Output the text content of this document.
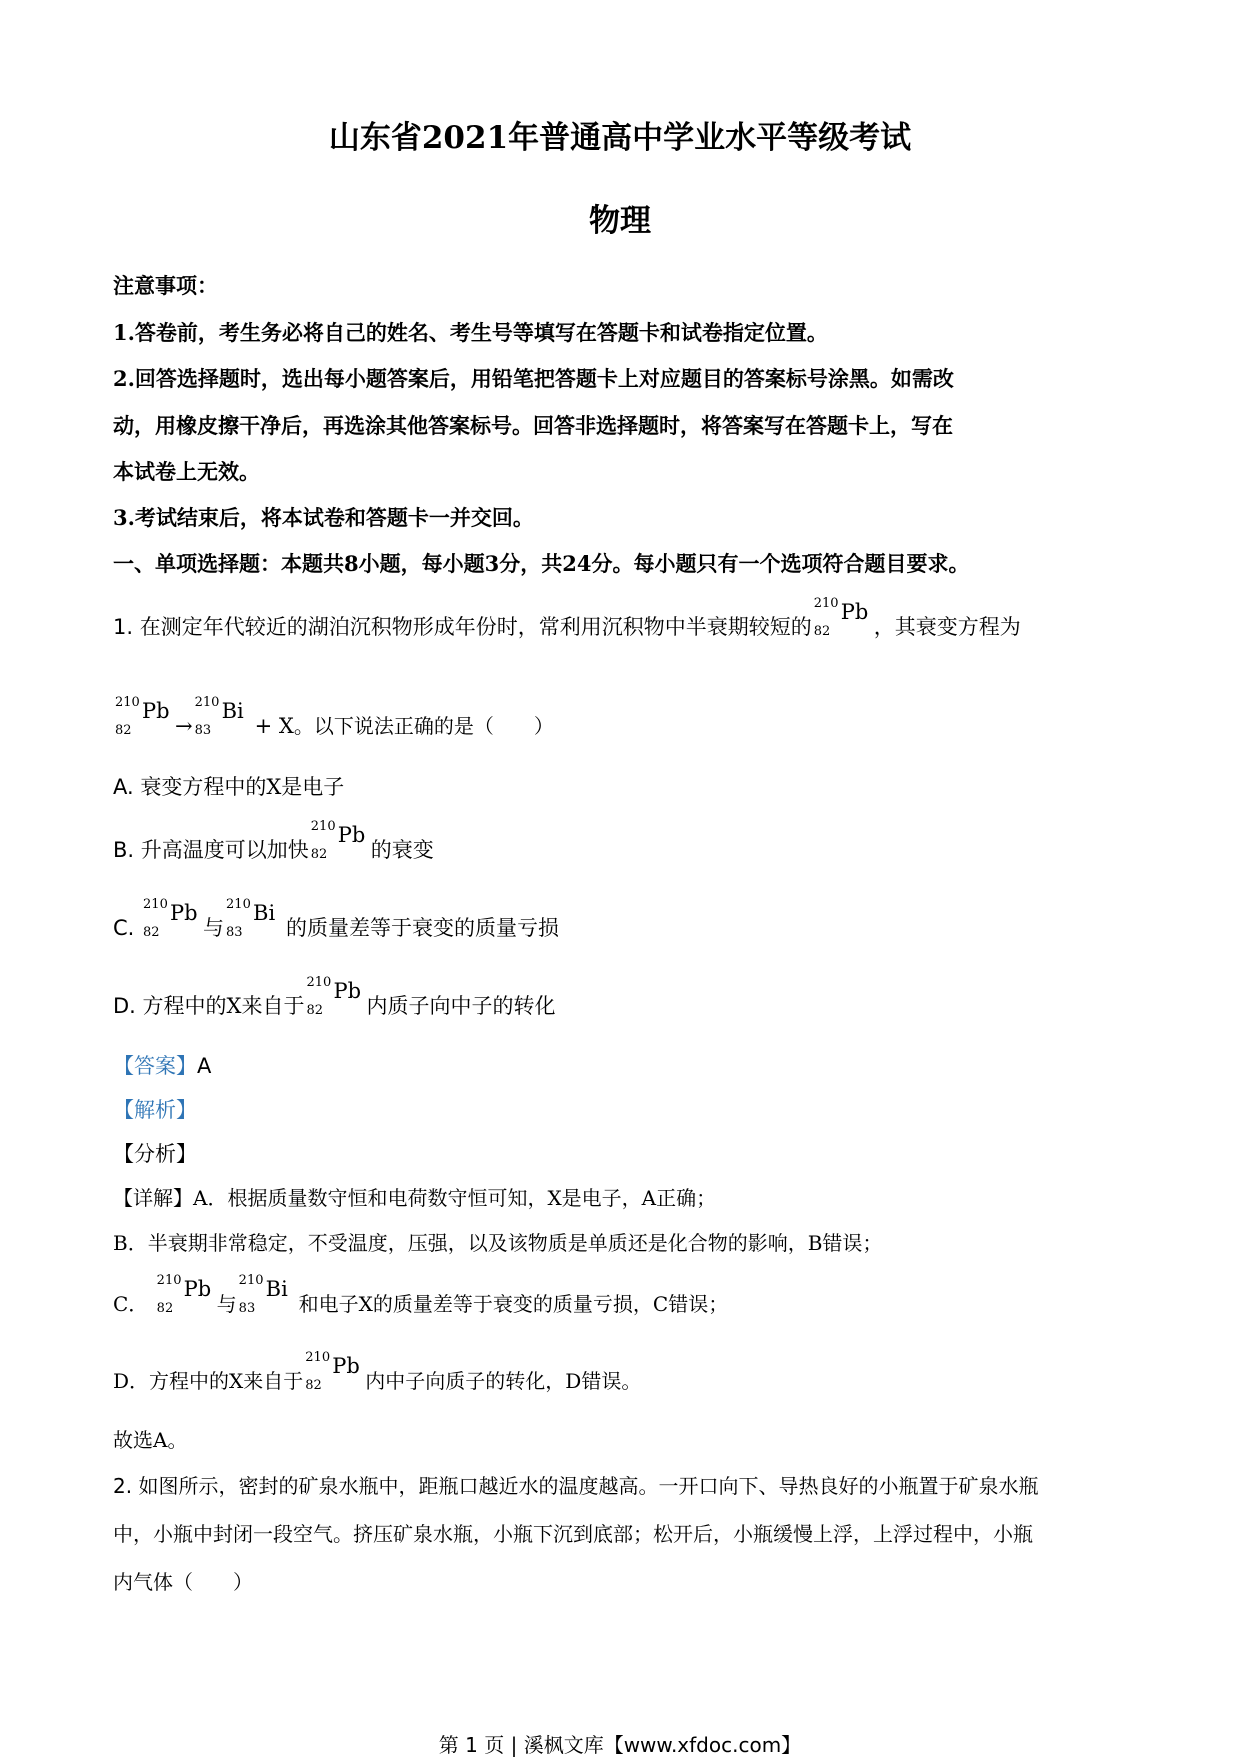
山东省2021年普通高中学业水平等级考试
物理
注意事项：
1.答卷前，考生务必将自己的姓名、考生号等填写在答题卡和试卷指定位置。
2.回答选择题时，选出每小题答案后，用铅笔把答题卡上对应题目的答案标号涂黑。如需改
动，用橡皮擦干净后，再选涂其他答案标号。回答非选择题时，将答案写在答题卡上，写在
本试卷上无效。
3.考试结束后，将本试卷和答题卡一并交回。
一、单项选择题：本题共8小题，每小题3分，共24分。每小题只有一个选项符合题目要求。
1. 在测定年代较近的湖泊沉积物形成年份时，常利用沉积物中半衰期较短的
210
82
Pb
，其衰变方程为
210
82
Pb
→
210
83
Bi
+ X。以下说法正确的是（　　）
A. 衰变方程中的X是电子
B. 升高温度可以加快
210
82
Pb
的衰变
C.
210
82
Pb
与
210
83
Bi
的质量差等于衰变的质量亏损
D. 方程中的X来自于
210
82
Pb
内质子向中子的转化
【答案】A
【解析】
【分析】
【详解】A．根据质量数守恒和电荷数守恒可知，X是电子，A正确；
B．半衰期非常稳定，不受温度，压强，以及该物质是单质还是化合物的影响，B错误；
C．
210
82
Pb
与
210
83
Bi
和电子X的质量差等于衰变的质量亏损，C错误；
D．方程中的X来自于
210
82
Pb
内中子向质子的转化，D错误。
故选A。
2. 如图所示，密封的矿泉水瓶中，距瓶口越近水的温度越高。一开口向下、导热良好的小瓶置于矿泉水瓶
中，小瓶中封闭一段空气。挤压矿泉水瓶，小瓶下沉到底部；松开后，小瓶缓慢上浮，上浮过程中，小瓶
内气体（　　）
第 1 页 | 溪枫文库【www.xfdoc.com】
